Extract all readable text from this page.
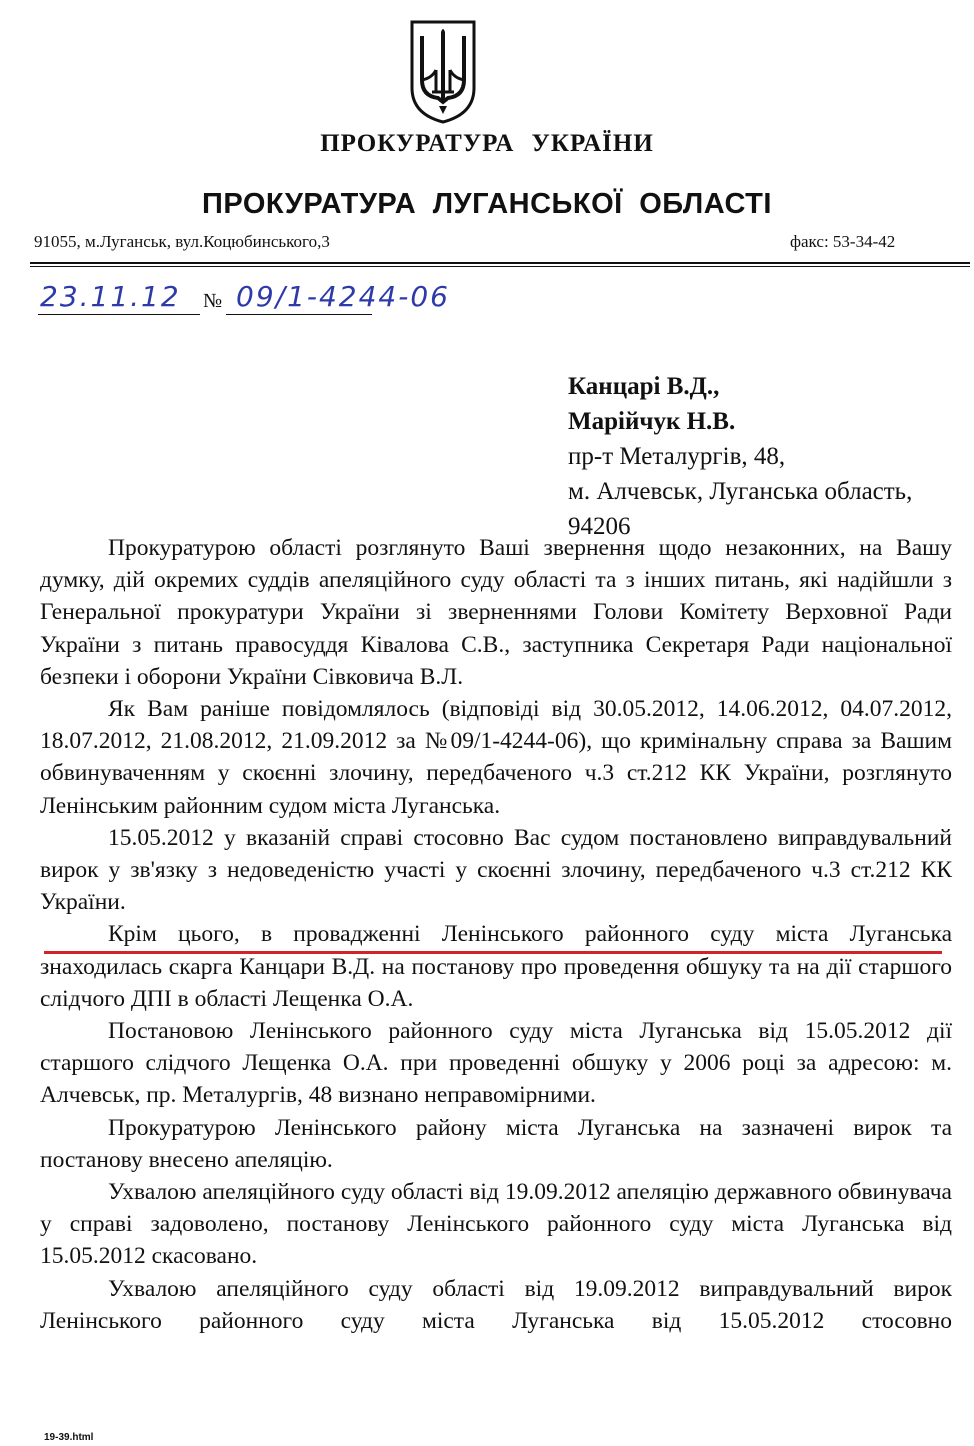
ПРОКУРАТУРА УКРАЇНИ
ПРОКУРАТУРА ЛУГАНСЬКОЇ ОБЛАСТІ
91055, м.Луганськ, вул.Коцюбинського,3	факс: 53-34-42
23.11.12 № 09/1-4244-06
Канцарі В.Д.,
Марійчук Н.В.
пр-т Металургів, 48,
м. Алчевськ, Луганська область,
94206

Прокуратурою області розглянуто Ваші звернення щодо незаконних, на Вашу думку, дій окремих суддів апеляційного суду області та з інших питань, які надійшли з Генеральної прокуратури України зі зверненнями Голови Комітету Верховної Ради України з питань правосуддя Ківалова С.В., заступника Секретаря Ради національної безпеки і оборони України Сівковича В.Л.

Як Вам раніше повідомлялось (відповіді від 30.05.2012, 14.06.2012, 04.07.2012, 18.07.2012, 21.08.2012, 21.09.2012 за №09/1-4244-06), що кримінальну справа за Вашим обвинуваченням у скоєнні злочину, передбаченого ч.3 ст.212 КК України, розглянуто Ленінським районним судом міста Луганська.

15.05.2012 у вказаній справі стосовно Вас судом постановлено виправдувальний вирок у зв'язку з недоведеністю участі у скоєнні злочину, передбаченого ч.3 ст.212 КК України.

Крім цього, в провадженні Ленінського районного суду міста Луганська знаходилась скарга Канцари В.Д. на постанову про проведення обшуку та на дії старшого слідчого ДПІ в області Лещенка О.А.

Постановою Ленінського районного суду міста Луганська від 15.05.2012 дії старшого слідчого Лещенка О.А. при проведенні обшуку у 2006 році за адресою: м. Алчевськ, пр. Металургів, 48 визнано неправомірними.

Прокуратурою Ленінського району міста Луганська на зазначені вирок та постанову внесено апеляцію.

Ухвалою апеляційного суду області від 19.09.2012 апеляцію державного обвинувача у справі задоволено, постанову Ленінського районного суду міста Луганська від 15.05.2012 скасовано.

Ухвалою апеляційного суду області від 19.09.2012 виправдувальний вирок Ленінського районного суду міста Луганська від 15.05.2012 стосовно

19-39.html
